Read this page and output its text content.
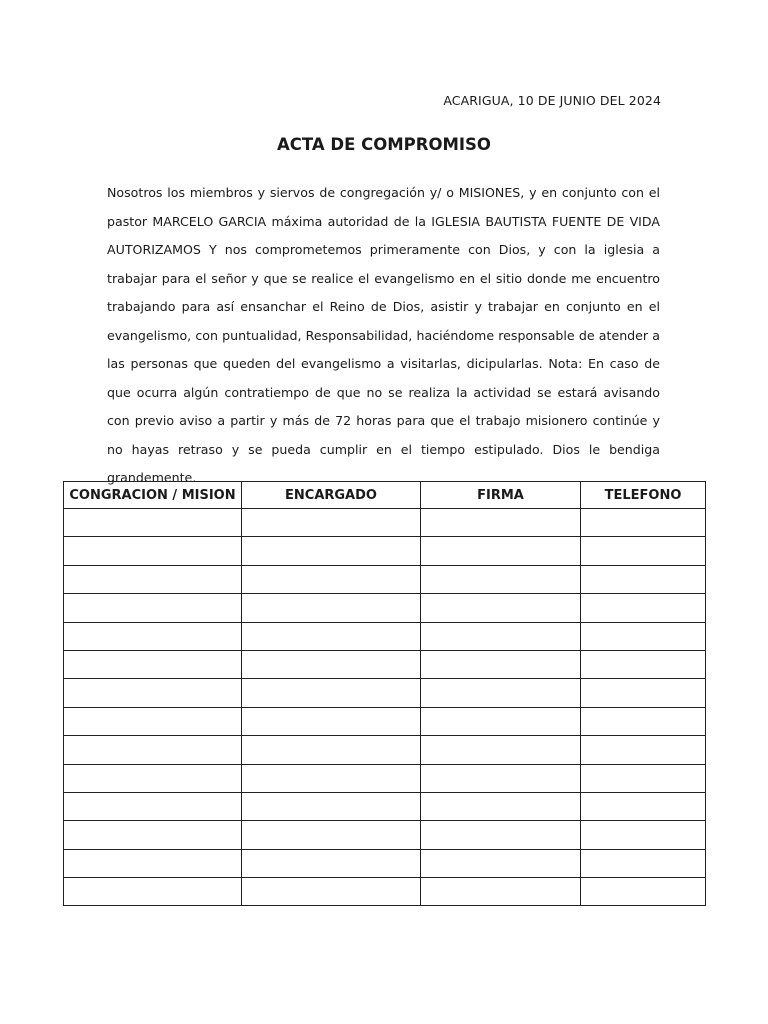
ACARIGUA, 10 DE JUNIO DEL 2024
ACTA DE COMPROMISO

Nosotros los miembros y siervos de congregación y/ o MISIONES, y en conjunto con el pastor MARCELO GARCIA máxima autoridad de la IGLESIA BAUTISTA FUENTE DE VIDA AUTORIZAMOS Y nos comprometemos primeramente con Dios, y con la iglesia a trabajar para el señor y que se realice el evangelismo en el sitio donde me encuentro trabajando para así ensanchar el Reino de Dios, asistir y trabajar en conjunto en el evangelismo, con puntualidad, Responsabilidad, haciéndome responsable de atender a las personas que queden del evangelismo a visitarlas, dicipularlas. Nota: En caso de que ocurra algún contratiempo de que no se realiza la actividad se estará avisando con previo aviso a partir y más de 72 horas para que el trabajo misionero continúe y no hayas retraso y se pueda cumplir en el tiempo estipulado. Dios le bendiga grandemente.

CONGRACION / MISION	ENCARGADO	FIRMA	TELEFONO
